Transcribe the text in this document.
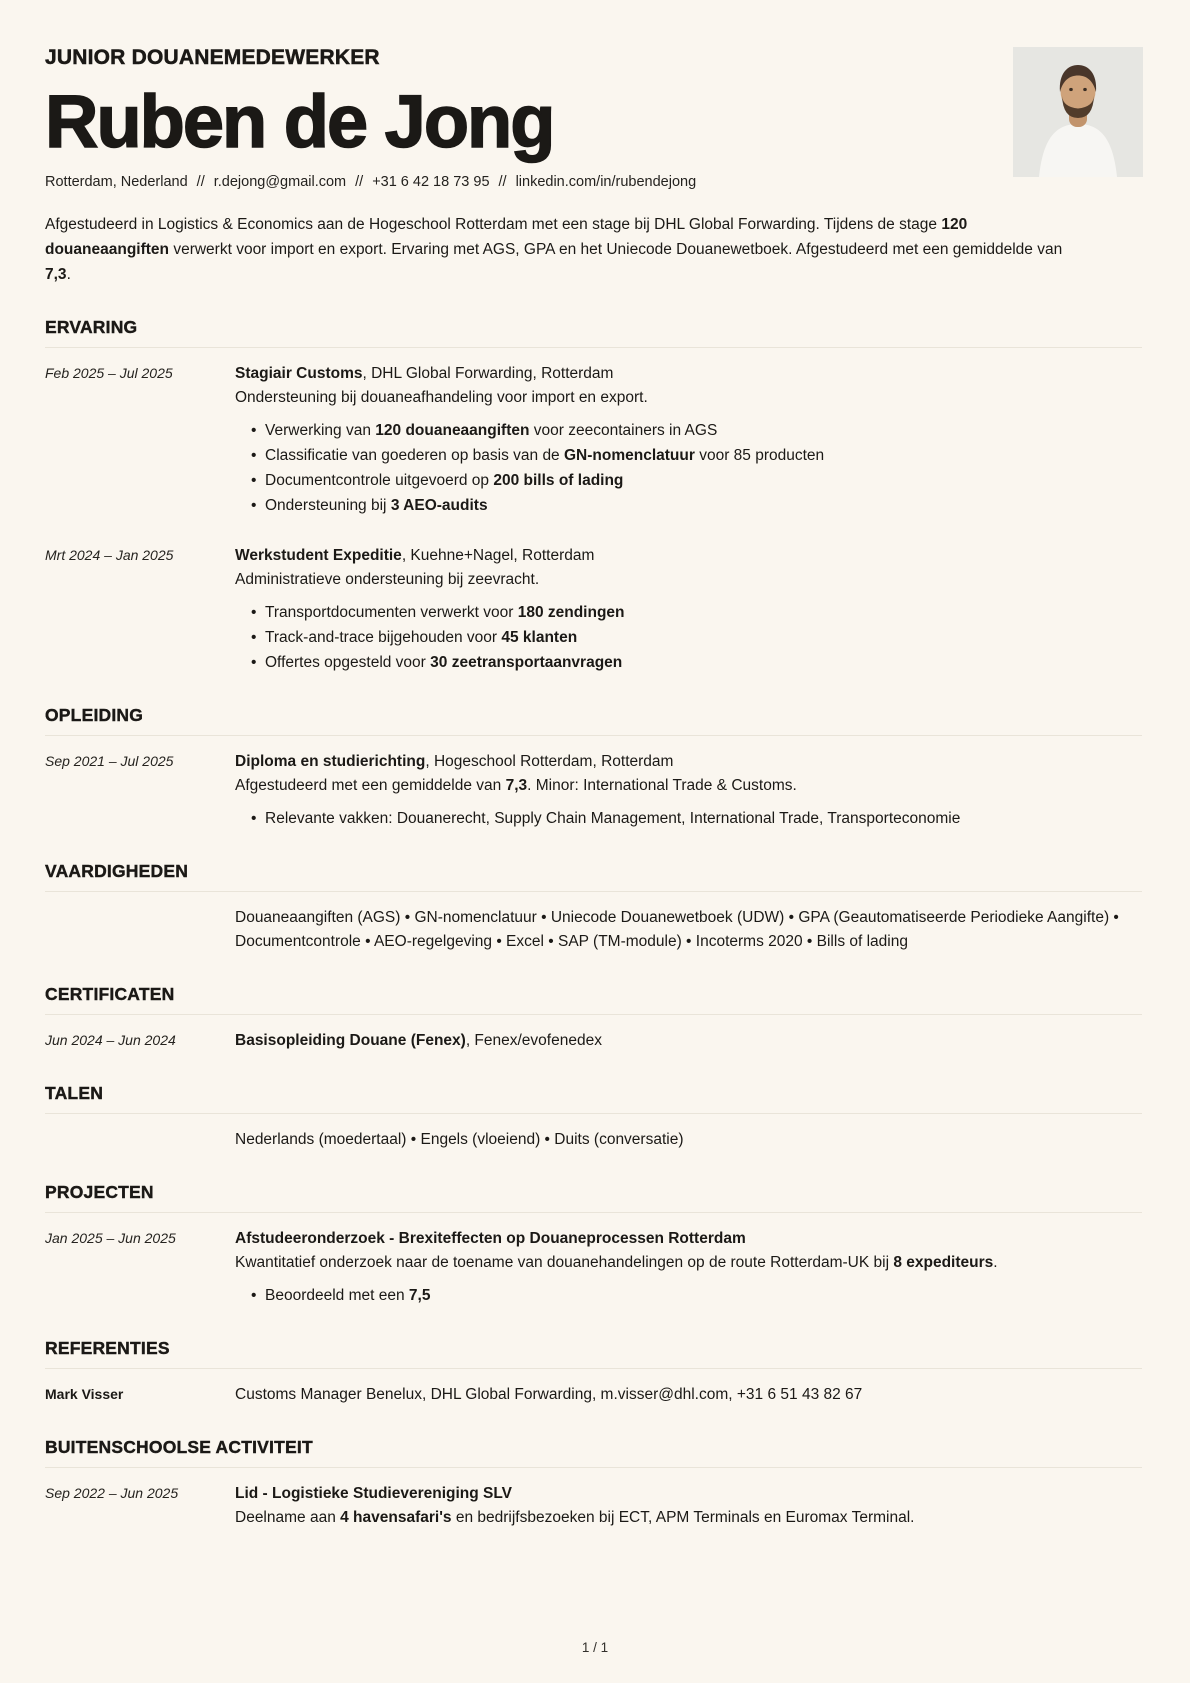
JUNIOR DOUANEMEDEWERKER
Ruben de Jong
Rotterdam, Nederland // r.dejong@gmail.com // +31 6 42 18 73 95 // linkedin.com/in/rubendejong

Afgestudeerd in Logistics & Economics aan de Hogeschool Rotterdam met een stage bij DHL Global Forwarding. Tijdens de stage 120 douaneaangiften verwerkt voor import en export. Ervaring met AGS, GPA en het Uniecode Douanewetboek. Afgestudeerd met een gemiddelde van 7,3.

ERVARING
Feb 2025 – Jul 2025	Stagiair Customs, DHL Global Forwarding, Rotterdam
Ondersteuning bij douaneafhandeling voor import en export.
• Verwerking van 120 douaneaangiften voor zeecontainers in AGS
• Classificatie van goederen op basis van de GN-nomenclatuur voor 85 producten
• Documentcontrole uitgevoerd op 200 bills of lading
• Ondersteuning bij 3 AEO-audits
Mrt 2024 – Jan 2025	Werkstudent Expeditie, Kuehne+Nagel, Rotterdam
Administratieve ondersteuning bij zeevracht.
• Transportdocumenten verwerkt voor 180 zendingen
• Track-and-trace bijgehouden voor 45 klanten
• Offertes opgesteld voor 30 zeetransportaanvragen
OPLEIDING
Sep 2021 – Jul 2025	Diploma en studierichting, Hogeschool Rotterdam, Rotterdam
Afgestudeerd met een gemiddelde van 7,3. Minor: International Trade & Customs.
• Relevante vakken: Douanerecht, Supply Chain Management, International Trade, Transporteconomie
VAARDIGHEDEN
Douaneaangiften (AGS) • GN-nomenclatuur • Uniecode Douanewetboek (UDW) • GPA (Geautomatiseerde Periodieke Aangifte) • Documentcontrole • AEO-regelgeving • Excel • SAP (TM-module) • Incoterms 2020 • Bills of lading
CERTIFICATEN
Jun 2024 – Jun 2024	Basisopleiding Douane (Fenex), Fenex/evofenedex
TALEN
Nederlands (moedertaal) • Engels (vloeiend) • Duits (conversatie)
PROJECTEN
Jan 2025 – Jun 2025	Afstudeeronderzoek - Brexiteffecten op Douaneprocessen Rotterdam
Kwantitatief onderzoek naar de toename van douanehandelingen op de route Rotterdam-UK bij 8 expediteurs.
• Beoordeeld met een 7,5
REFERENTIES
Mark Visser	Customs Manager Benelux, DHL Global Forwarding, m.visser@dhl.com, +31 6 51 43 82 67
BUITENSCHOOLSE ACTIVITEIT
Sep 2022 – Jun 2025	Lid - Logistieke Studievereniging SLV
Deelname aan 4 havensafari's en bedrijfsbezoeken bij ECT, APM Terminals en Euromax Terminal.
1 / 1
